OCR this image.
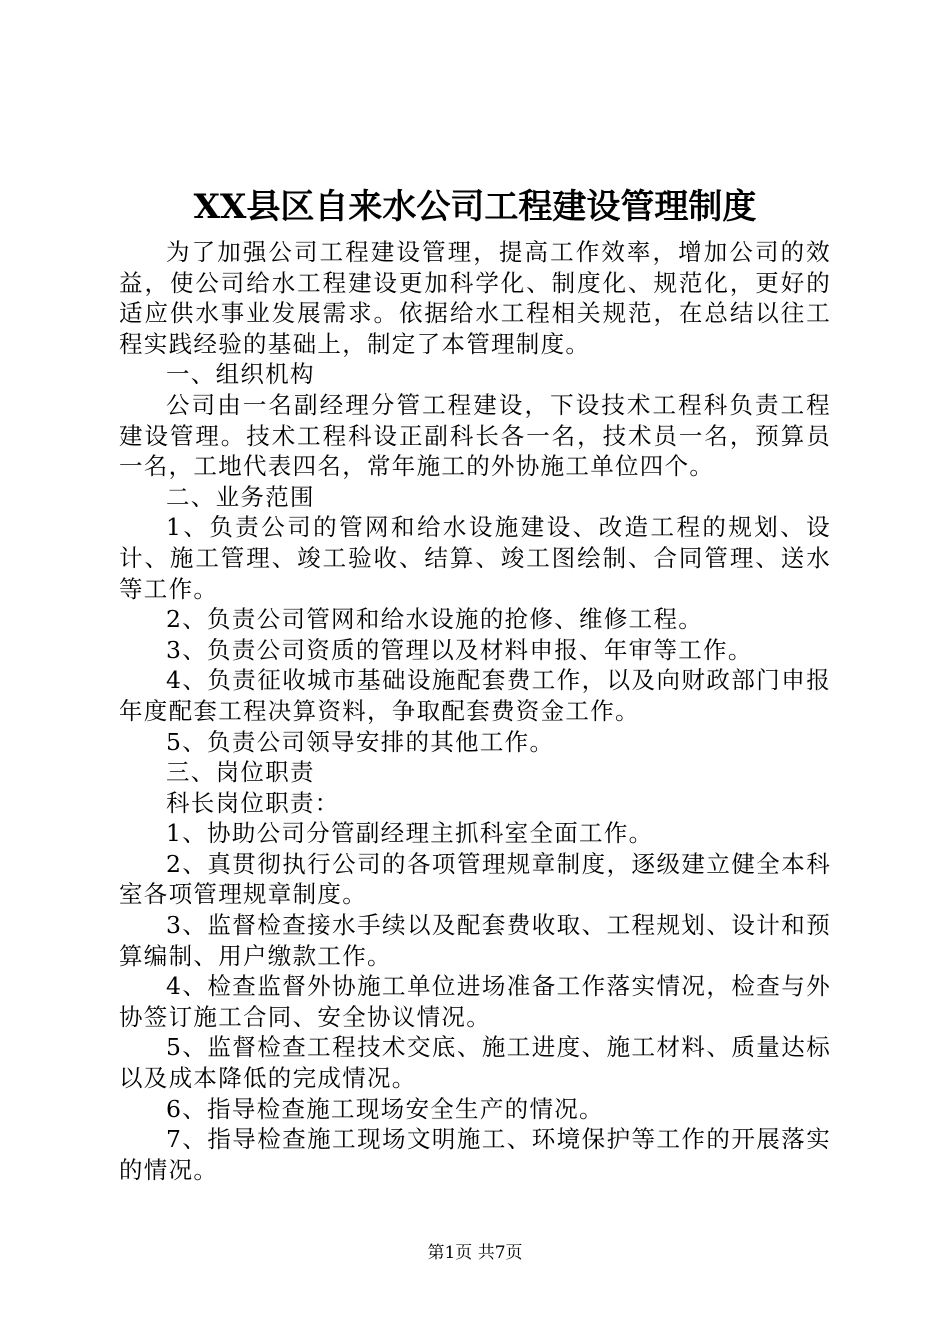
XX县区自来水公司工程建设管理制度

为了加强公司工程建设管理，提高工作效率，增加公司的效益，使公司给水工程建设更加科学化、制度化、规范化，更好的适应供水事业发展需求。依据给水工程相关规范，在总结以往工程实践经验的基础上，制定了本管理制度。

一、组织机构

公司由一名副经理分管工程建设，下设技术工程科负责工程建设管理。技术工程科设正副科长各一名，技术员一名，预算员一名，工地代表四名，常年施工的外协施工单位四个。

二、业务范围

1、负责公司的管网和给水设施建设、改造工程的规划、设计、施工管理、竣工验收、结算、竣工图绘制、合同管理、送水等工作。

2、负责公司管网和给水设施的抢修、维修工程。

3、负责公司资质的管理以及材料申报、年审等工作。

4、负责征收城市基础设施配套费工作，以及向财政部门申报年度配套工程决算资料，争取配套费资金工作。

5、负责公司领导安排的其他工作。

三、岗位职责

科长岗位职责：

1、协助公司分管副经理主抓科室全面工作。

2、真贯彻执行公司的各项管理规章制度，逐级建立健全本科室各项管理规章制度。

3、监督检查接水手续以及配套费收取、工程规划、设计和预算编制、用户缴款工作。

4、检查监督外协施工单位进场准备工作落实情况，检查与外协签订施工合同、安全协议情况。

5、监督检查工程技术交底、施工进度、施工材料、质量达标以及成本降低的完成情况。

6、指导检查施工现场安全生产的情况。

7、指导检查施工现场文明施工、环境保护等工作的开展落实的情况。

第1页 共7页
